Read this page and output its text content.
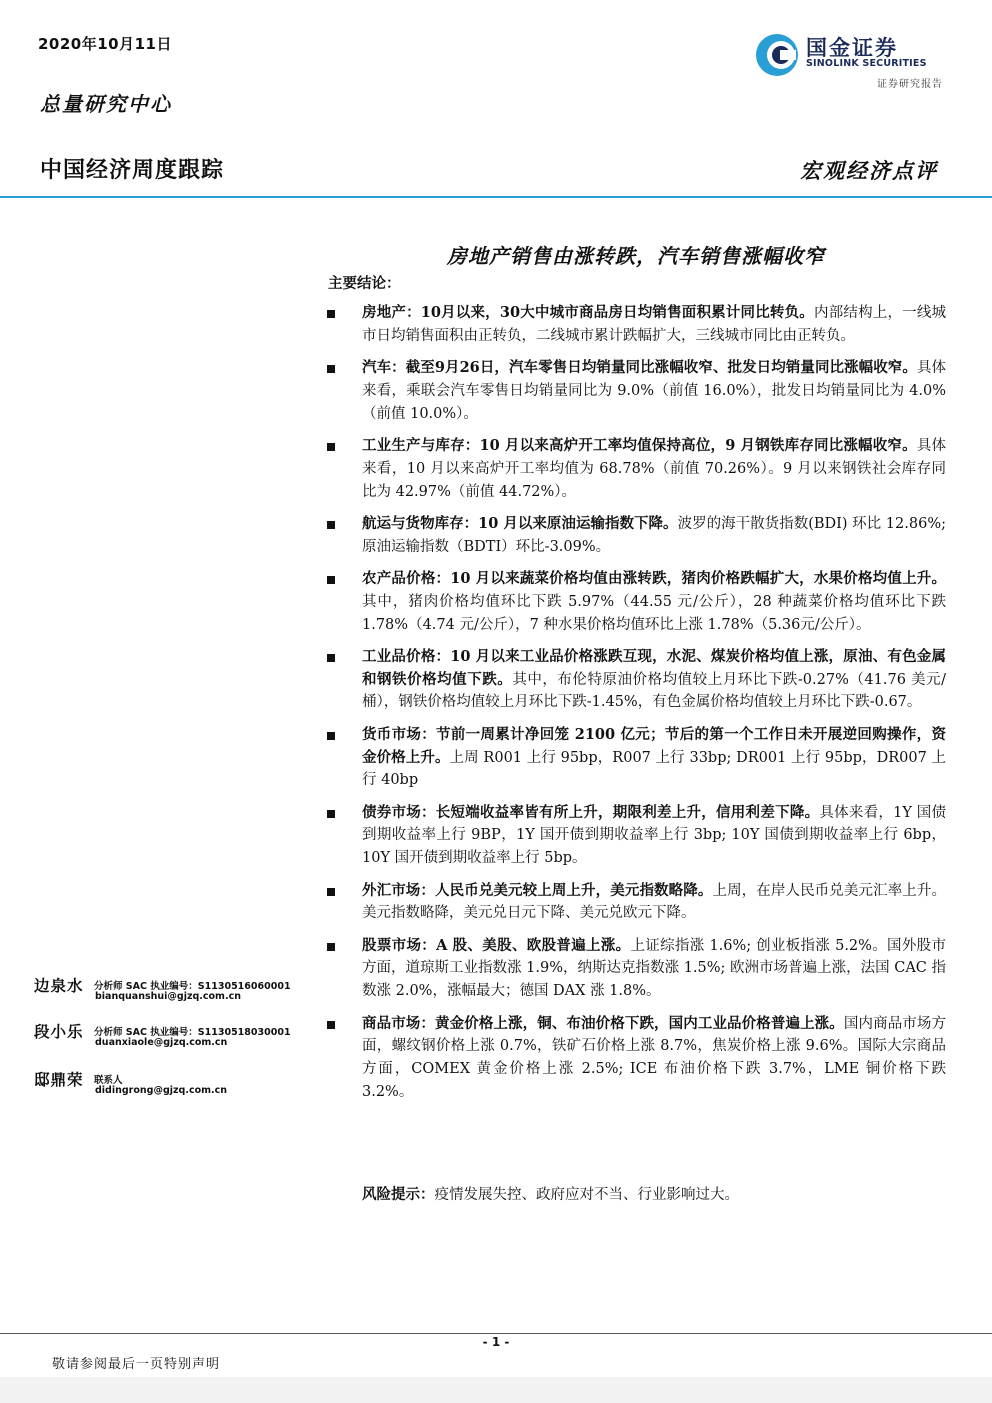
2020年10月11日
总量研究中心
国金证券
SINOLINK SECURITIES
证券研究报告
中国经济周度跟踪	宏观经济点评
房地产销售由涨转跌，汽车销售涨幅收窄
主要结论：
房地产：10月以来，30大中城市商品房日均销售面积累计同比转负。内部结构上，一线城市日均销售面积由正转负，二线城市累计跌幅扩大，三线城市同比由正转负。
汽车：截至9月26日，汽车零售日均销量同比涨幅收窄、批发日均销量同比涨幅收窄。具体来看，乘联会汽车零售日均销量同比为 9.0%（前值 16.0%），批发日均销量同比为 4.0%（前值 10.0%）。
工业生产与库存：10 月以来高炉开工率均值保持高位，9 月钢铁库存同比涨幅收窄。具体来看，10 月以来高炉开工率均值为 68.78%（前值 70.26%）。9 月以来钢铁社会库存同比为 42.97%（前值 44.72%）。
航运与货物库存：10 月以来原油运输指数下降。波罗的海干散货指数(BDI) 环比 12.86%; 原油运输指数（BDTI）环比-3.09%。
农产品价格：10 月以来蔬菜价格均值由涨转跌，猪肉价格跌幅扩大，水果价格均值上升。其中，猪肉价格均值环比下跌 5.97%（44.55 元/公斤），28 种蔬菜价格均值环比下跌 1.78%（4.74 元/公斤），7 种水果价格均值环比上涨 1.78%（5.36元/公斤）。
工业品价格：10 月以来工业品价格涨跌互现，水泥、煤炭价格均值上涨，原油、有色金属和钢铁价格均值下跌。其中，布伦特原油价格均值较上月环比下跌-0.27%（41.76 美元/桶），钢铁价格均值较上月环比下跌-1.45%，有色金属价格均值较上月环比下跌-0.67。
货币市场：节前一周累计净回笼 2100 亿元；节后的第一个工作日未开展逆回购操作，资金价格上升。上周 R001 上行 95bp，R007 上行 33bp; DR001 上行 95bp，DR007 上行 40bp
债券市场：长短端收益率皆有所上升，期限利差上升，信用利差下降。具体来看，1Y 国债到期收益率上行 9BP，1Y 国开债到期收益率上行 3bp; 10Y 国债到期收益率上行 6bp，10Y 国开债到期收益率上行 5bp。
外汇市场：人民币兑美元较上周上升，美元指数略降。上周，在岸人民币兑美元汇率上升。美元指数略降，美元兑日元下降、美元兑欧元下降。
股票市场：A 股、美股、欧股普遍上涨。上证综指涨 1.6%; 创业板指涨 5.2%。国外股市方面，道琼斯工业指数涨 1.9%，纳斯达克指数涨 1.5%; 欧洲市场普遍上涨，法国 CAC 指数涨 2.0%，涨幅最大；德国 DAX 涨 1.8%。
商品市场：黄金价格上涨，铜、布油价格下跌，国内工业品价格普遍上涨。国内商品市场方面，螺纹钢价格上涨 0.7%，铁矿石价格上涨 8.7%，焦炭价格上涨 9.6%。国际大宗商品方面，COMEX 黄金价格上涨 2.5%; ICE 布油价格下跌 3.7%，LME 铜价格下跌 3.2%。
风险提示：疫情发展失控、政府应对不当、行业影响过大。
边泉水 分析师 SAC 执业编号：S1130516060001
bianquanshui@gjzq.com.cn
段小乐 分析师 SAC 执业编号：S1130518030001
duanxiaole@gjzq.com.cn
邸鼎荣 联系人
didingrong@gjzq.com.cn
- 1 -
敬请参阅最后一页特别声明
